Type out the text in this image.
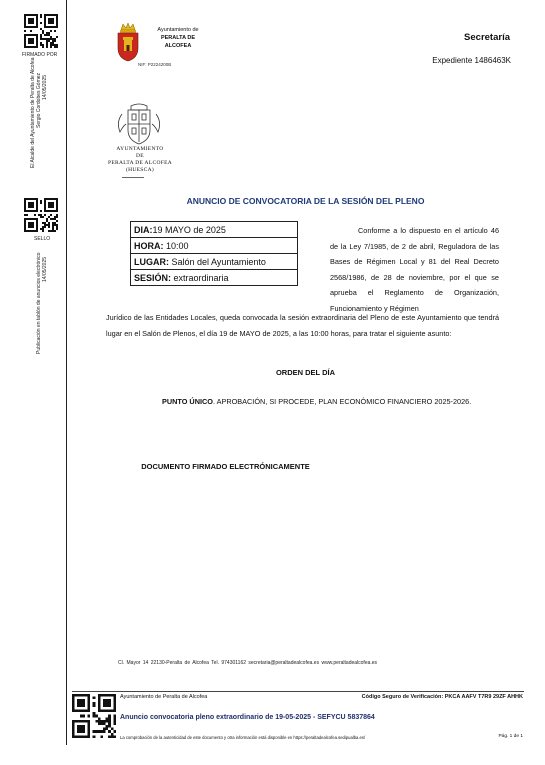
FIRMADO POR
El Alcalde del Ayuntamiento de Peralta de Alcofea Sergio Cordobes Gómez 14/05/2025
SELLO
Publicación en tablón de anuncios electrónico 14/05/2025
Ayuntamiento de
PERALTA DE
ALCOFEA
NIF: P2224200B
Secretaría
Expediente 1486463K
AYUNTAMIENTO
DE
PERALTA DE ALCOFEA
(HUESCA)
ANUNCIO DE CONVOCATORIA DE LA SESIÓN DEL PLENO
DIA:19 MAYO de 2025
HORA: 10:00
LUGAR: Salón del Ayuntamiento
SESIÓN: extraordinaria
Conforme a lo dispuesto en el artículo 46 de la Ley 7/1985, de 2 de abril, Reguladora de las Bases de Régimen Local y 81 del Real Decreto 2568/1986, de 28 de noviembre, por el que se aprueba el Reglamento de Organización, Funcionamiento y Régimen
Jurídico de las Entidades Locales, queda convocada la sesión extraordinaria del Pleno de este Ayuntamiento que tendrá lugar en el Salón de Plenos, el día 19 de MAYO de 2025, a las 10:00 horas, para tratar el siguiente asunto:
ORDEN DEL DÍA
PUNTO ÚNICO. APROBACIÓN, SI PROCEDE, PLAN ECONÓMICO FINANCIERO 2025-2026.
DOCUMENTO FIRMADO ELECTRÓNICAMENTE
Cl. Mayor 14 22130-Peralta de Alcofea Tel. 974301162 secretaria@peraltadealcofea.es www.peraltadealcofea.es
Ayuntamiento de Peralta de Alcofea	Código Seguro de Verificación: PKCA AAFV T7R9 29ZF AHHK
Anuncio convocatoria pleno extraordinario de 19-05-2025 - SEFYCU 5837864
La comprobación de la autenticidad de este documento y otra información está disponible en https://peraltadealcofea.sedipualba.es/	Pág. 1 de 1
